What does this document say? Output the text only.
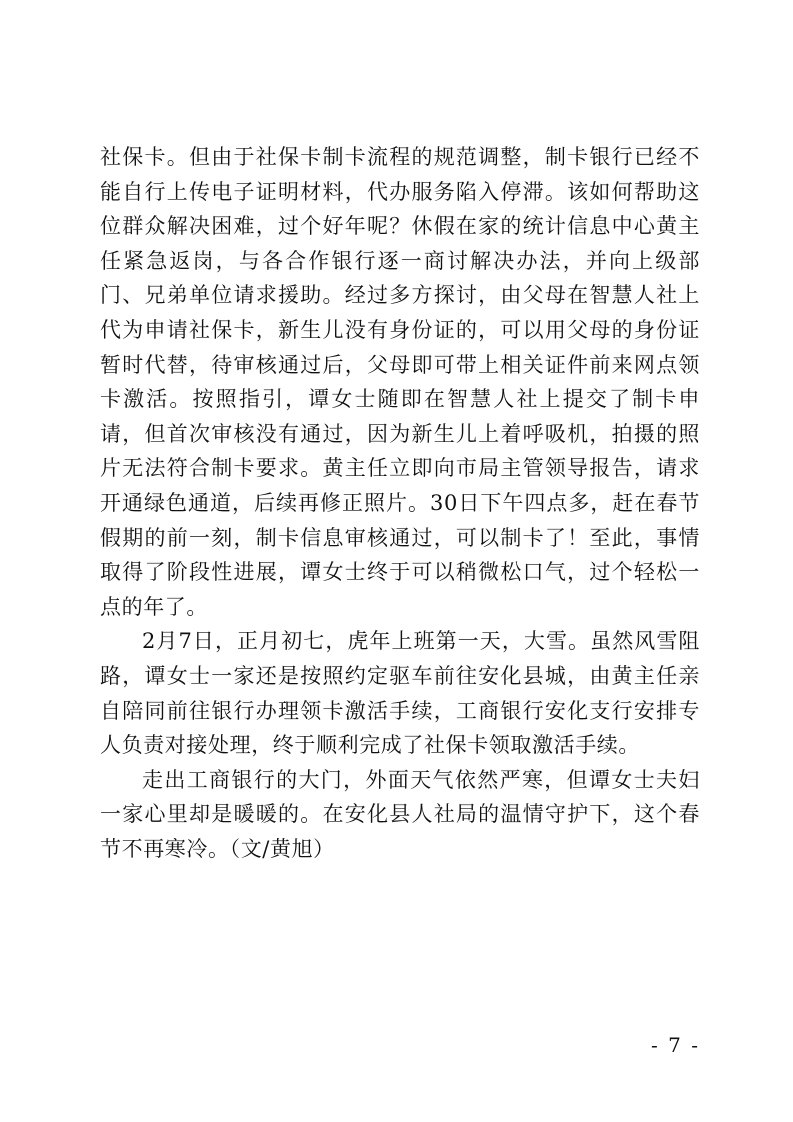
社保卡。但由于社保卡制卡流程的规范调整，制卡银行已经不能自行上传电子证明材料，代办服务陷入停滞。该如何帮助这位群众解决困难，过个好年呢？休假在家的统计信息中心黄主任紧急返岗，与各合作银行逐一商讨解决办法，并向上级部门、兄弟单位请求援助。经过多方探讨，由父母在智慧人社上代为申请社保卡，新生儿没有身份证的，可以用父母的身份证暂时代替，待审核通过后，父母即可带上相关证件前来网点领卡激活。按照指引，谭女士随即在智慧人社上提交了制卡申请，但首次审核没有通过，因为新生儿上着呼吸机，拍摄的照片无法符合制卡要求。黄主任立即向市局主管领导报告，请求开通绿色通道，后续再修正照片。30日下午四点多，赶在春节假期的前一刻，制卡信息审核通过，可以制卡了！至此，事情取得了阶段性进展，谭女士终于可以稍微松口气，过个轻松一点的年了。

2月7日，正月初七，虎年上班第一天，大雪。虽然风雪阻路，谭女士一家还是按照约定驱车前往安化县城，由黄主任亲自陪同前往银行办理领卡激活手续，工商银行安化支行安排专人负责对接处理，终于顺利完成了社保卡领取激活手续。

走出工商银行的大门，外面天气依然严寒，但谭女士夫妇一家心里却是暖暖的。在安化县人社局的温情守护下，这个春节不再寒冷。（文/黄旭）

- 7 -
